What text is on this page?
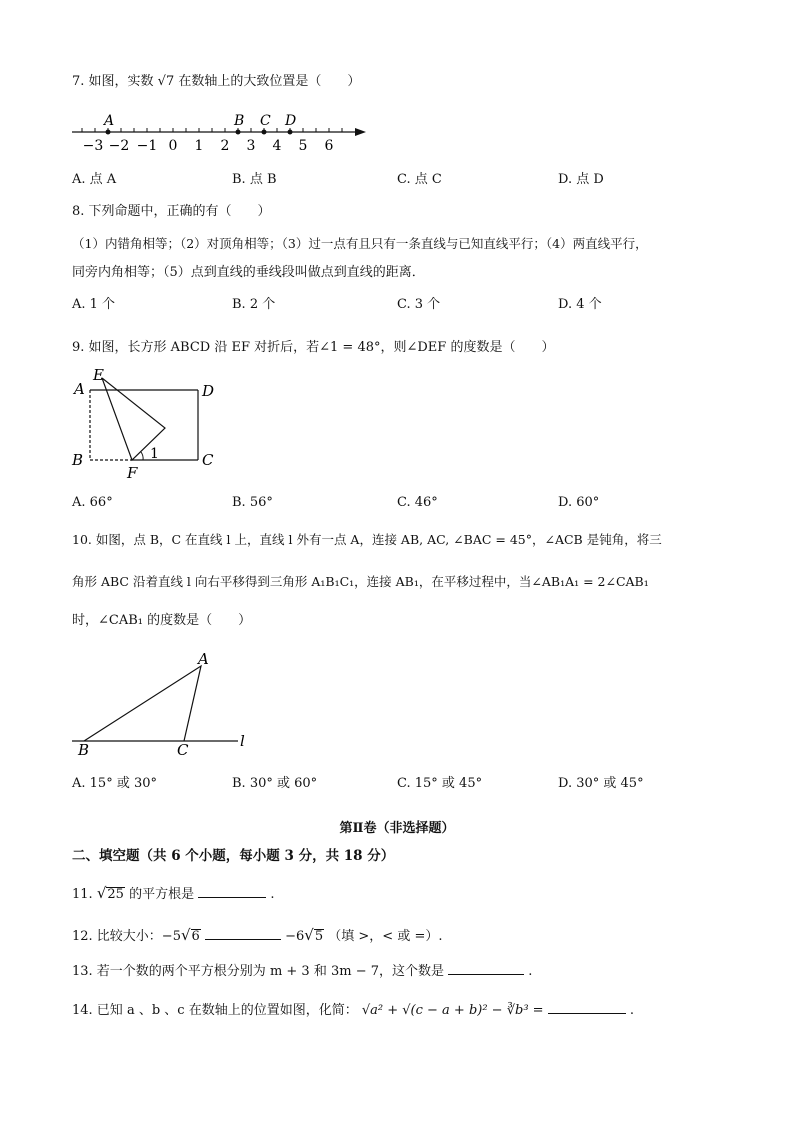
7. 如图，实数 √7 在数轴上的大致位置是（　　）
A	B C D
−3 −2 −1 0 1 2 3 4 5 6
A. 点 A	B. 点 B	C. 点 C	D. 点 D
8. 下列命题中，正确的有（　　）
（1）内错角相等；（2）对顶角相等；（3）过一点有且只有一条直线与已知直线平行；（4）两直线平行，
同旁内角相等；（5）点到直线的垂线段叫做点到直线的距离．
A. 1 个	B. 2 个	C. 3 个	D. 4 个
9. 如图，长方形 ABCD 沿 EF 对折后，若∠1 = 48°，则∠DEF 的度数是（　　）
A
E
D
B
F
C
1
A. 66°	B. 56°	C. 46°	D. 60°
10. 如图，点 B，C 在直线 l 上，直线 l 外有一点 A，连接 AB, AC, ∠BAC = 45°，∠ACB 是钝角，将三
角形 ABC 沿着直线 l 向右平移得到三角形 A₁B₁C₁，连接 AB₁，在平移过程中，当∠AB₁A₁ = 2∠CAB₁
时，∠CAB₁ 的度数是（　　）
A
B	C	l
A. 15° 或 30°	B. 30° 或 60°	C. 15° 或 45°	D. 30° 或 45°
第Ⅱ卷（非选择题）
二、填空题（共 6 个小题，每小题 3 分，共 18 分）
11. √25 的平方根是	.
12. 比较大小：−5√6	−6√5 （填 >，< 或 =）.
13. 若一个数的两个平方根分别为 m + 3 和 3m − 7，这个数是	.
14. 已知 a 、b 、c 在数轴上的位置如图，化简： √a² + √(c − a + b)² − ∛b³ =	.
